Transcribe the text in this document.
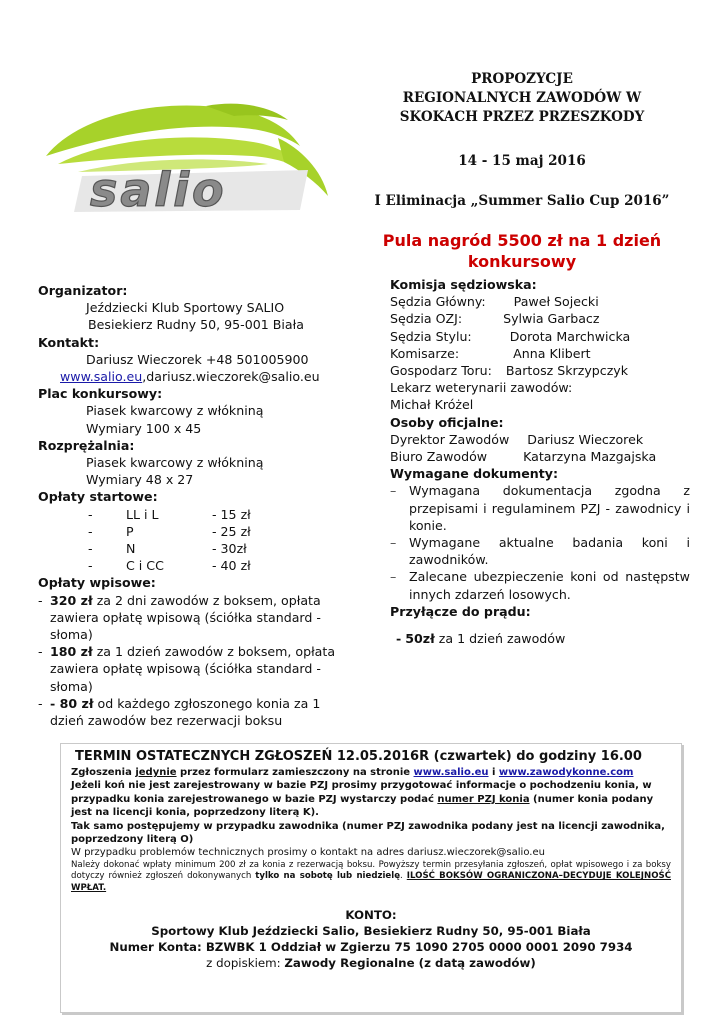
salio
PROPOZYCJE
REGIONALNYCH ZAWODÓW W
SKOKACH PRZEZ PRZESZKODY
14 - 15 maj 2016
I Eliminacja „Summer Salio Cup 2016”
Pula nagród 5500 zł na 1 dzień
konkursowy
Organizator:
Jeździecki Klub Sportowy SALIO
Besiekierz Rudny 50, 95-001 Biała
Kontakt:
Dariusz Wieczorek +48 501005900
www.salio.eu,dariusz.wieczorek@salio.eu
Plac konkursowy:
Piasek kwarcowy z włókniną
Wymiary 100 x 45
Rozprężalnia:
Piasek kwarcowy z włókniną
Wymiary 48 x 27
Opłaty startowe:
-	LL i L	- 15 zł
-	P	- 25 zł
-	N	- 30zł
-	C i CC	- 40 zł
Opłaty wpisowe:
- 320 zł za 2 dni zawodów z boksem, opłata zawiera opłatę wpisową (ściółka standard - słoma)
- 180 zł za 1 dzień zawodów z boksem, opłata zawiera opłatę wpisową (ściółka standard - słoma)
- - 80 zł od każdego zgłoszonego konia za 1 dzień zawodów bez rezerwacji boksu
Komisja sędziowska:
Sędzia Główny: Paweł Sojecki
Sędzia OZJ:	Sylwia Garbacz
Sędzia Stylu:	Dorota Marchwicka
Komisarze:	Anna Klibert
Gospodarz Toru: Bartosz Skrzypczyk
Lekarz weterynarii zawodów:
Michał Króżel
Osoby oficjalne:
Dyrektor Zawodów Dariusz Wieczorek
Biuro Zawodów	Katarzyna Mazgajska
Wymagane dokumenty:
–	Wymagana dokumentacja zgodna z przepisami i regulaminem PZJ - zawodnicy i konie.
–	Wymagane aktualne badania koni i zawodników.
–	Zalecane ubezpieczenie koni od następstw innych zdarzeń losowych.
Przyłącze do prądu:
- 50zł za 1 dzień zawodów
TERMIN OSTATECZNYCH ZGŁOSZEŃ 12.05.2016R (czwartek) do godziny 16.00
Zgłoszenia jedynie przez formularz zamieszczony na stronie www.salio.eu i www.zawodykonne.com
Jeżeli koń nie jest zarejestrowany w bazie PZJ prosimy przygotować informacje o pochodzeniu konia, w przypadku konia zarejestrowanego w bazie PZJ wystarczy podać numer PZJ konia (numer konia podany jest na licencji konia, poprzedzony literą K).
Tak samo postępujemy w przypadku zawodnika (numer PZJ zawodnika podany jest na licencji zawodnika, poprzedzony literą O)
W przypadku problemów technicznych prosimy o kontakt na adres dariusz.wieczorek@salio.eu
Należy dokonać wpłaty minimum 200 zł za konia z rezerwacją boksu. Powyższy termin przesyłania zgłoszeń, opłat wpisowego i za boksy dotyczy również zgłoszeń dokonywanych tylko na sobotę lub niedzielę. ILOŚĆ BOKSÓW OGRANICZONA–DECYDUJE KOLEJNOŚĆ WPŁAT.
KONTO:
Sportowy Klub Jeździecki Salio, Besiekierz Rudny 50, 95-001 Biała
Numer Konta: BZWBK 1 Oddział w Zgierzu 75 1090 2705 0000 0001 2090 7934
z dopiskiem: Zawody Regionalne (z datą zawodów)
